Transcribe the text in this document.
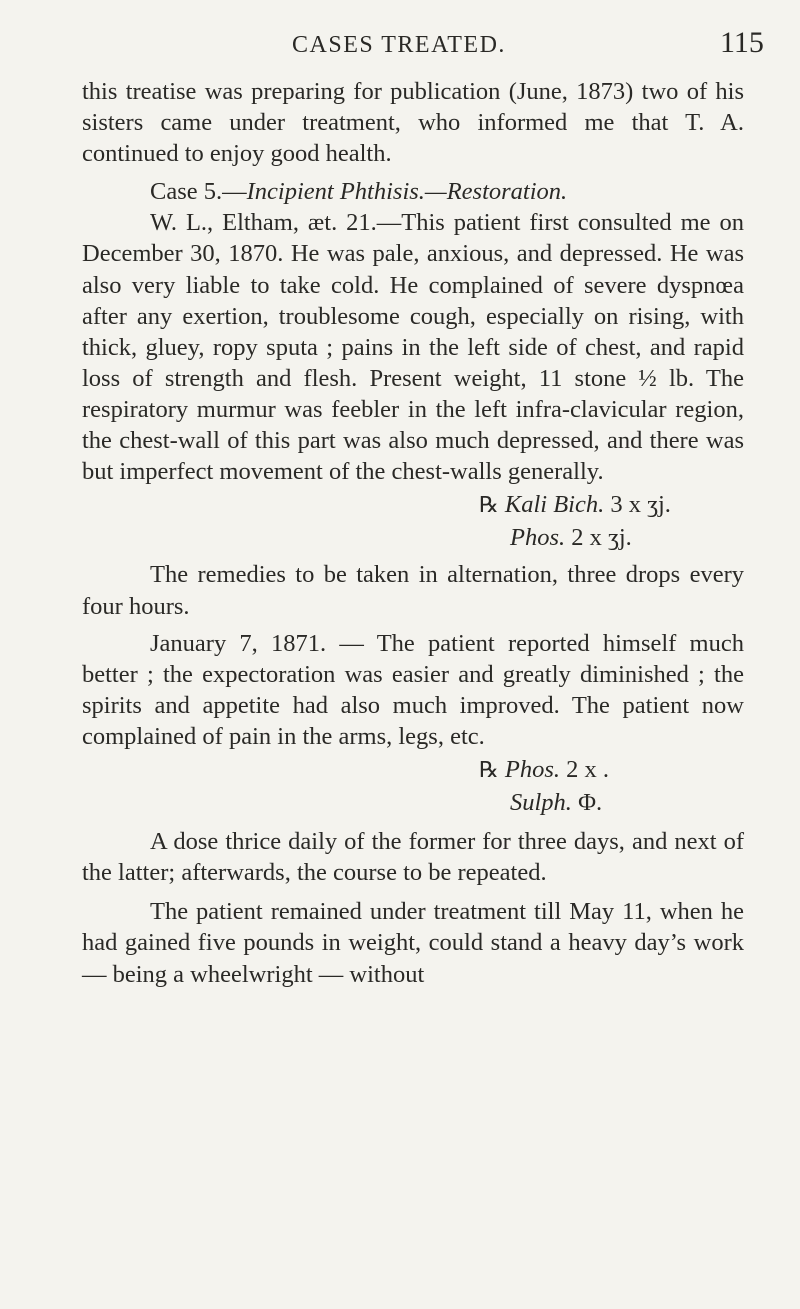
CASES TREATED.	115

this treatise was preparing for publication (June, 1873) two of his sisters came under treatment, who informed me that T. A. continued to enjoy good health.

Case 5.—Incipient Phthisis.—Restoration.

W. L., Eltham, æt. 21.—This patient first consulted me on December 30, 1870. He was pale, anxious, and depressed. He was also very liable to take cold. He complained of severe dyspnœa after any exertion, troublesome cough, especially on rising, with thick, gluey, ropy sputa ; pains in the left side of chest, and rapid loss of strength and flesh. Present weight, 11 stone ½ lb. The respiratory murmur was feebler in the left infra-clavicular region, the chest-wall of this part was also much depressed, and there was but imperfect movement of the chest-walls generally.

℞ Kali Bich. 3 x ʒj.

Phos. 2 x ʒj.

The remedies to be taken in alternation, three drops every four hours.

January 7, 1871. — The patient reported himself much better ; the expectoration was easier and greatly diminished ; the spirits and appetite had also much improved. The patient now complained of pain in the arms, legs, etc.

℞ Phos. 2 x .

Sulph. Φ.

A dose thrice daily of the former for three days, and next of the latter; afterwards, the course to be repeated.

The patient remained under treatment till May 11, when he had gained five pounds in weight, could stand a heavy day’s work — being a wheelwright — without
